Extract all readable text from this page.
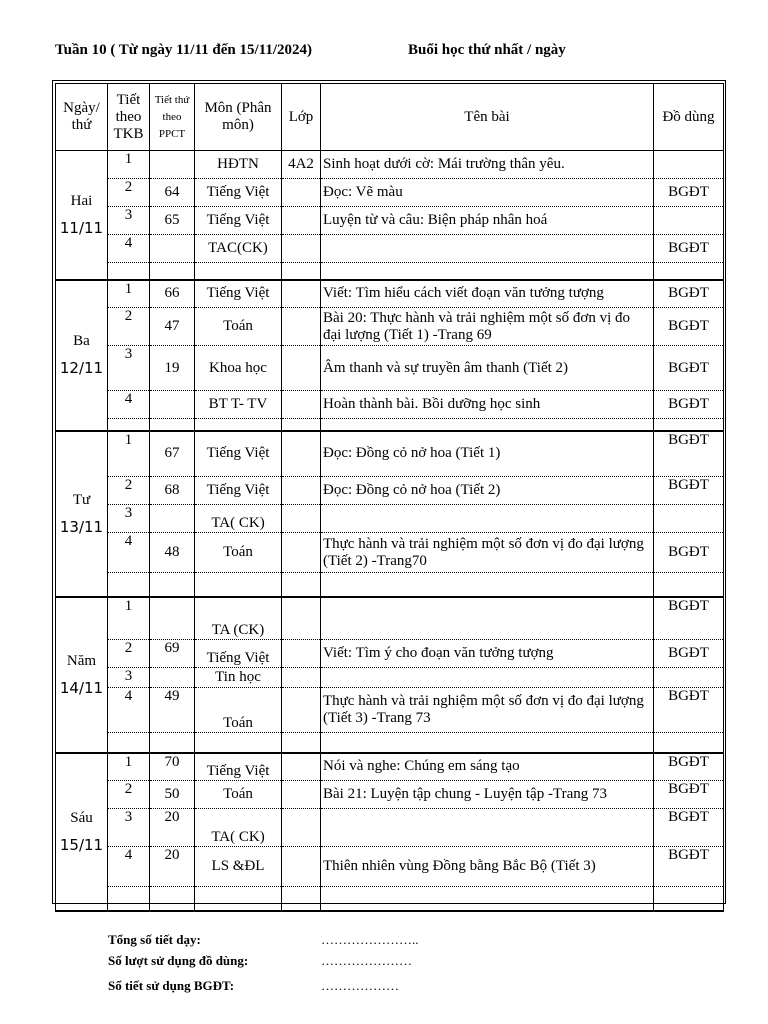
Tuần 10 ( Từ ngày 11/11 đến 15/11/2024)	Buổi học thứ nhất / ngày
Ngày/ thứ	Tiết theo TKB	Tiết thứ theo PPCT	Môn (Phân môn)	Lớp	Tên bài	Đồ dùng
Hai
11/11	1		HĐTN	4A2	Sinh hoạt dưới cờ: Mái trường thân yêu.	
	2	64	Tiếng Việt		Đọc: Vẽ màu	BGĐT
	3	65	Tiếng Việt		Luyện từ và câu: Biện pháp nhân hoá	
	4		TAC(CK)			BGĐT

Ba
12/11	1	66	Tiếng Việt		Viết: Tìm hiểu cách viết đoạn văn tưởng tượng	BGĐT
	2	47	Toán		Bài 20: Thực hành và trải nghiệm một số đơn vị đo đại lượng (Tiết 1) -Trang 69	BGĐT
	3	19	Khoa học		Âm thanh và sự truyền âm thanh (Tiết 2)	BGĐT
	4		BT T- TV		Hoàn thành bài. Bồi dưỡng học sinh	BGĐT

Tư
13/11	1	67	Tiếng Việt		Đọc: Đồng cỏ nở hoa (Tiết 1)	BGĐT
	2	68	Tiếng Việt		Đọc: Đồng cỏ nở hoa (Tiết 2)	BGĐT
	3		TA( CK)			
	4	48	Toán		Thực hành và trải nghiệm một số đơn vị đo đại lượng (Tiết 2) -Trang70	BGĐT

Năm
14/11	1		TA (CK)			BGĐT
	2	69	Tiếng Việt		Viết: Tìm ý cho đoạn văn tưởng tượng	BGĐT
	3		Tin học			
	4	49	Toán		Thực hành và trải nghiệm một số đơn vị đo đại lượng (Tiết 3) -Trang 73	BGĐT

Sáu
15/11	1	70	Tiếng Việt		Nói và nghe: Chúng em sáng tạo	BGĐT
	2	50	Toán		Bài 21: Luyện tập chung - Luyện tập -Trang 73	BGĐT
	3	20	TA( CK)			BGĐT
	4	20	LS &ĐL		Thiên nhiên vùng Đồng bằng Bắc Bộ (Tiết 3)	BGĐT

Tổng số tiết dạy:	…………………..
Số lượt sử dụng đồ dùng:	…………………
Số tiết sử dụng BGĐT:	………………
